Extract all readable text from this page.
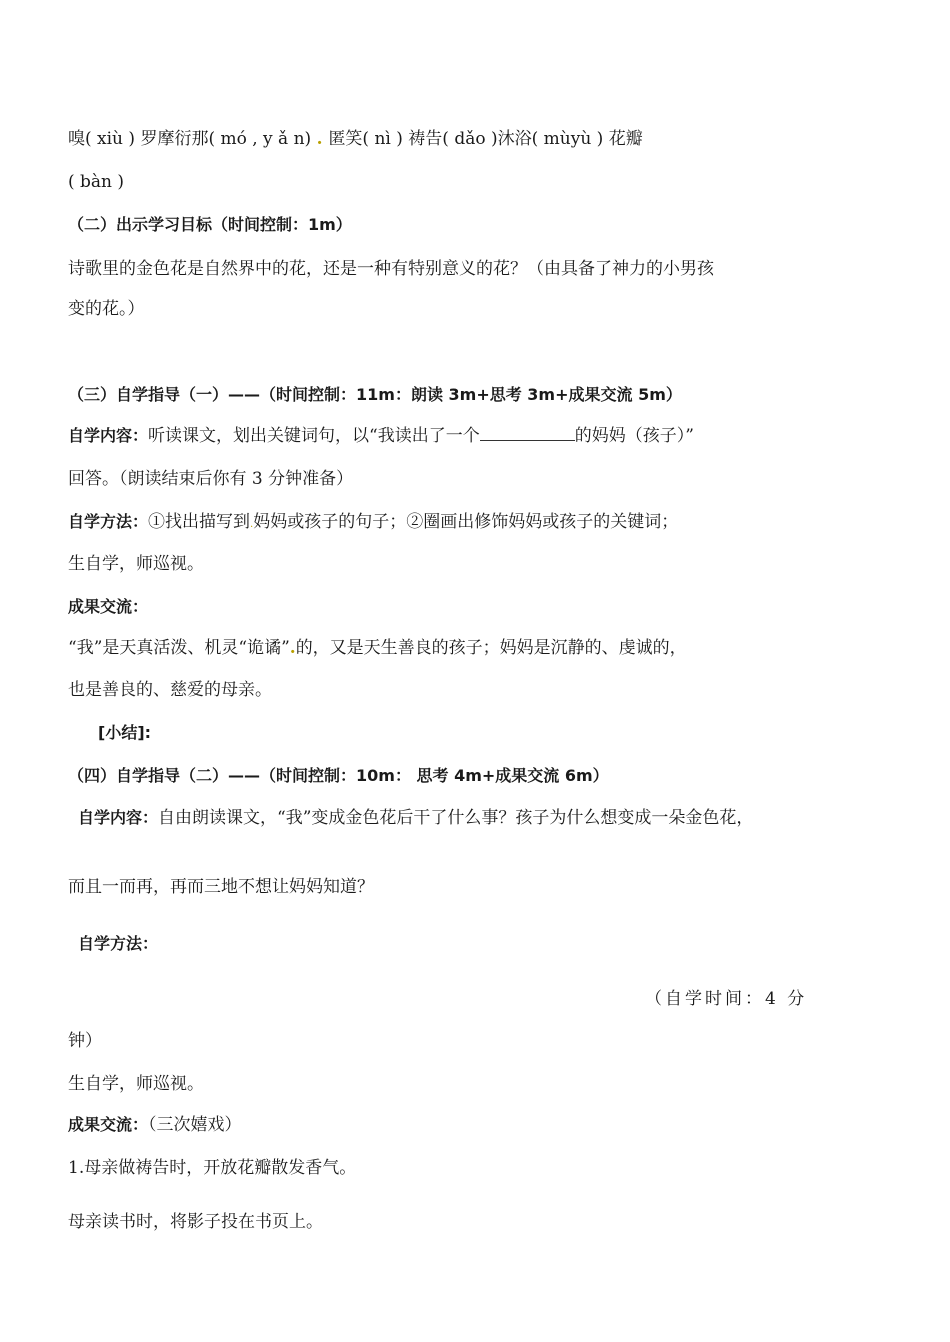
嗅( xiù ) 罗摩衍那( mó , y ǎ n) . 匿笑( nì ) 祷告( dǎo )沐浴( mùyù ) 花瓣
( bàn )
（二）出示学习目标（时间控制：1m）
诗歌里的金色花是自然界中的花，还是一种有特别意义的花？（由具备了神力的小男孩
变的花。）
（三）自学指导（一）——（时间控制：11m：朗读 3m+思考 3m+成果交流 5m）
自学内容：听读课文，划出关键词句，以“我读出了一个	的妈妈（孩子）”
回答。（朗读结束后你有 3 分钟准备）
自学方法：①找出描写到.妈妈或孩子的句子；②圈画出修饰妈妈或孩子的关键词；
生自学，师巡视。
成果交流：
“我”是天真活泼、机灵“诡谲”.的，又是天生善良的孩子；妈妈是沉静的、虔诚的，
也是善良的、慈爱的母亲。
[小结]:
（四）自学指导（二）——（时间控制：10m： 思考 4m+成果交流 6m）
自学内容：自由朗读课文，“我”变成金色花后干了什么事？孩子为什么想变成一朵金色花，
而且一而再，再而三地不想让妈妈知道？
自学方法：
（自学时间：4 分
钟）
生自学，师巡视。
成果交流：（三次嬉戏）
1.母亲做祷告时，开放花瓣散发香气。
母亲读书时，将影子投在书页上。
